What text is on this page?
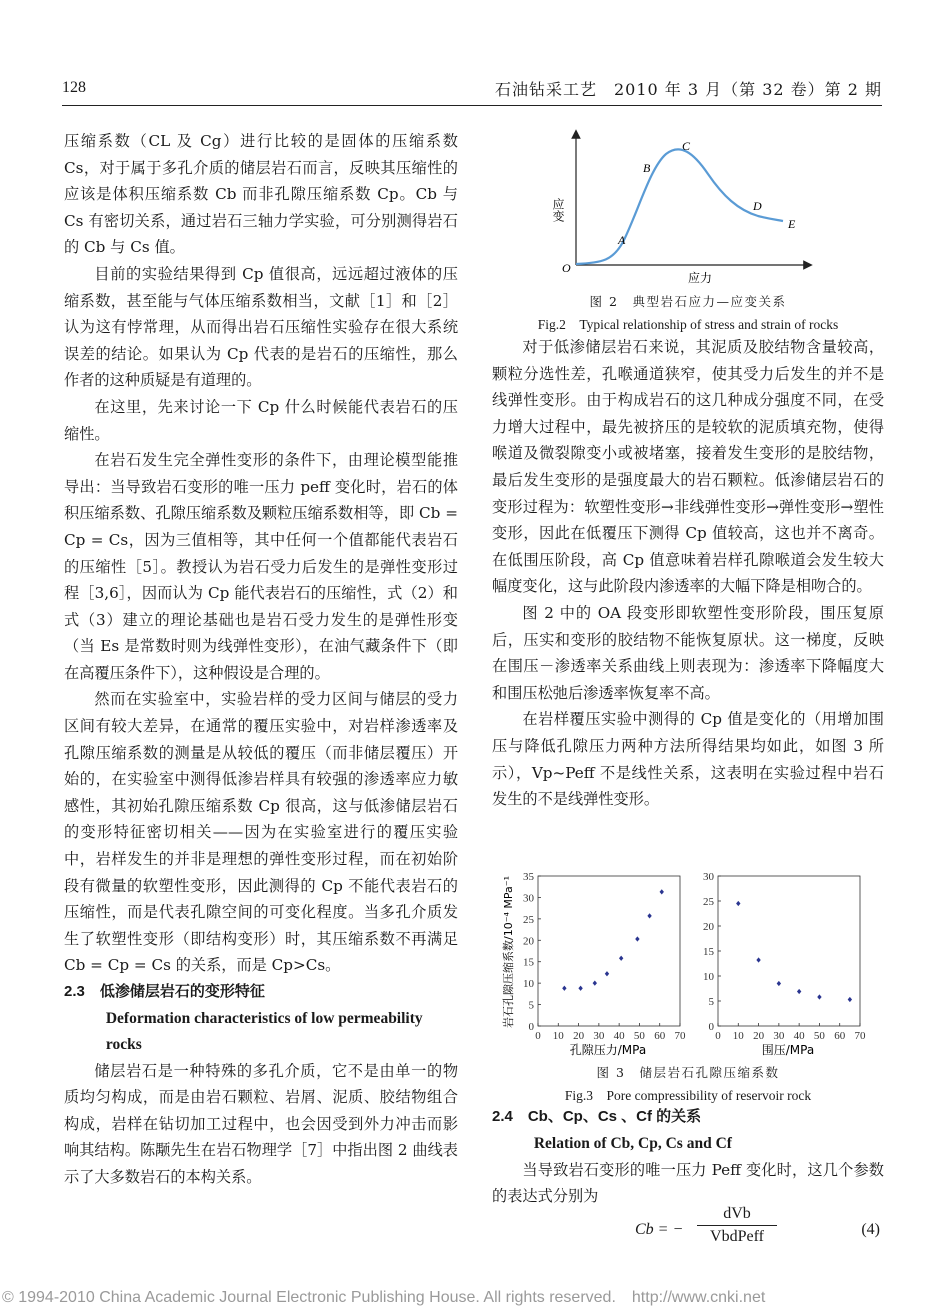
128	石油钻采工艺　2010 年 3 月（第 32 卷）第 2 期

压缩系数（CL 及 Cg）进行比较的是固体的压缩系数 Cs，对于属于多孔介质的储层岩石而言，反映其压缩性的应该是体积压缩系数 Cb 而非孔隙压缩系数 Cp。Cb 与 Cs 有密切关系，通过岩石三轴力学实验，可分别测得岩石的 Cb 与 Cs 值。

目前的实验结果得到 Cp 值很高，远远超过液体的压缩系数，甚至能与气体压缩系数相当，文献［1］和［2］认为这有悖常理，从而得出岩石压缩性实验存在很大系统误差的结论。如果认为 Cp 代表的是岩石的压缩性，那么作者的这种质疑是有道理的。

在这里，先来讨论一下 Cp 什么时候能代表岩石的压缩性。

在岩石发生完全弹性变形的条件下，由理论模型能推导出：当导致岩石变形的唯一压力 peff 变化时，岩石的体积压缩系数、孔隙压缩系数及颗粒压缩系数相等，即 Cb = Cp = Cs，因为三值相等，其中任何一个值都能代表岩石的压缩性［5］。教授认为岩石受力后发生的是弹性变形过程［3,6］，因而认为 Cp 能代表岩石的压缩性，式（2）和式（3）建立的理论基础也是岩石受力发生的是弹性形变（当 Es 是常数时则为线弹性变形），在油气藏条件下（即在高覆压条件下），这种假设是合理的。

然而在实验室中，实验岩样的受力区间与储层的受力区间有较大差异，在通常的覆压实验中，对岩样渗透率及孔隙压缩系数的测量是从较低的覆压（而非储层覆压）开始的，在实验室中测得低渗岩样具有较强的渗透率应力敏感性，其初始孔隙压缩系数 Cp 很高，这与低渗储层岩石的变形特征密切相关——因为在实验室进行的覆压实验中，岩样发生的并非是理想的弹性变形过程，而在初始阶段有微量的软塑性变形，因此测得的 Cp 不能代表岩石的压缩性，而是代表孔隙空间的可变化程度。当多孔介质发生了软塑性变形（即结构变形）时，其压缩系数不再满足 Cb = Cp = Cs 的关系，而是 Cp>Cs。

2.3　低渗储层岩石的变形特征
Deformation characteristics of low permeability
rocks

储层岩石是一种特殊的多孔介质，它不是由单一的物质均匀构成，而是由岩石颗粒、岩屑、泥质、胶结物组合构成，岩样在钻切加工过程中，也会因受到外力冲击而影响其结构。陈颙先生在岩石物理学［7］中指出图 2 曲线表示了大多数岩石的本构关系。

应变
应力
O
A
B
C
D
E
图 2　典型岩石应力—应变关系
Fig.2　Typical relationship of stress and strain of rocks

对于低渗储层岩石来说，其泥质及胶结物含量较高，颗粒分选性差，孔喉通道狭窄，使其受力后发生的并不是线弹性变形。由于构成岩石的这几种成分强度不同，在受力增大过程中，最先被挤压的是较软的泥质填充物，使得喉道及微裂隙变小或被堵塞，接着发生变形的是胶结物，最后发生变形的是强度最大的岩石颗粒。低渗储层岩石的变形过程为：软塑性变形→非线弹性变形→弹性变形→塑性变形，因此在低覆压下测得 Cp 值较高，这也并不离奇。在低围压阶段，高 Cp 值意味着岩样孔隙喉道会发生较大幅度变化，这与此阶段内渗透率的大幅下降是相吻合的。

图 2 中的 OA 段变形即软塑性变形阶段，围压复原后，压实和变形的胶结物不能恢复原状。这一梯度，反映在围压－渗透率关系曲线上则表现为：渗透率下降幅度大和围压松弛后渗透率恢复率不高。

在岩样覆压实验中测得的 Cp 值是变化的（用增加围压与降低孔隙压力两种方法所得结果均如此，如图 3 所示），Vp~Peff 不是线性关系，这表明在实验过程中岩石发生的不是线弹性变形。

岩石孔隙压缩系数/10⁻⁴ MPa⁻¹
孔隙压力/MPa	围压/MPa
0
5
10
15
20
25
30
35
0 10 20 30 40 50 60 70
0
5
10
15
20
25
30
0 10 20 30 40 50 60 70
图 3　储层岩石孔隙压缩系数
Fig.3　Pore compressibility of reservoir rock
2.4　Cb、Cp、Cs 、Cf 的关系
Relation of Cb, Cp, Cs and Cf

当导致岩石变形的唯一压力 Peff 变化时，这几个参数的表达式分别为

Cb = −
dVb
VbdPeff	(4)
© 1994-2010 China Academic Journal Electronic Publishing House. All rights reserved.　http://www.cnki.net
